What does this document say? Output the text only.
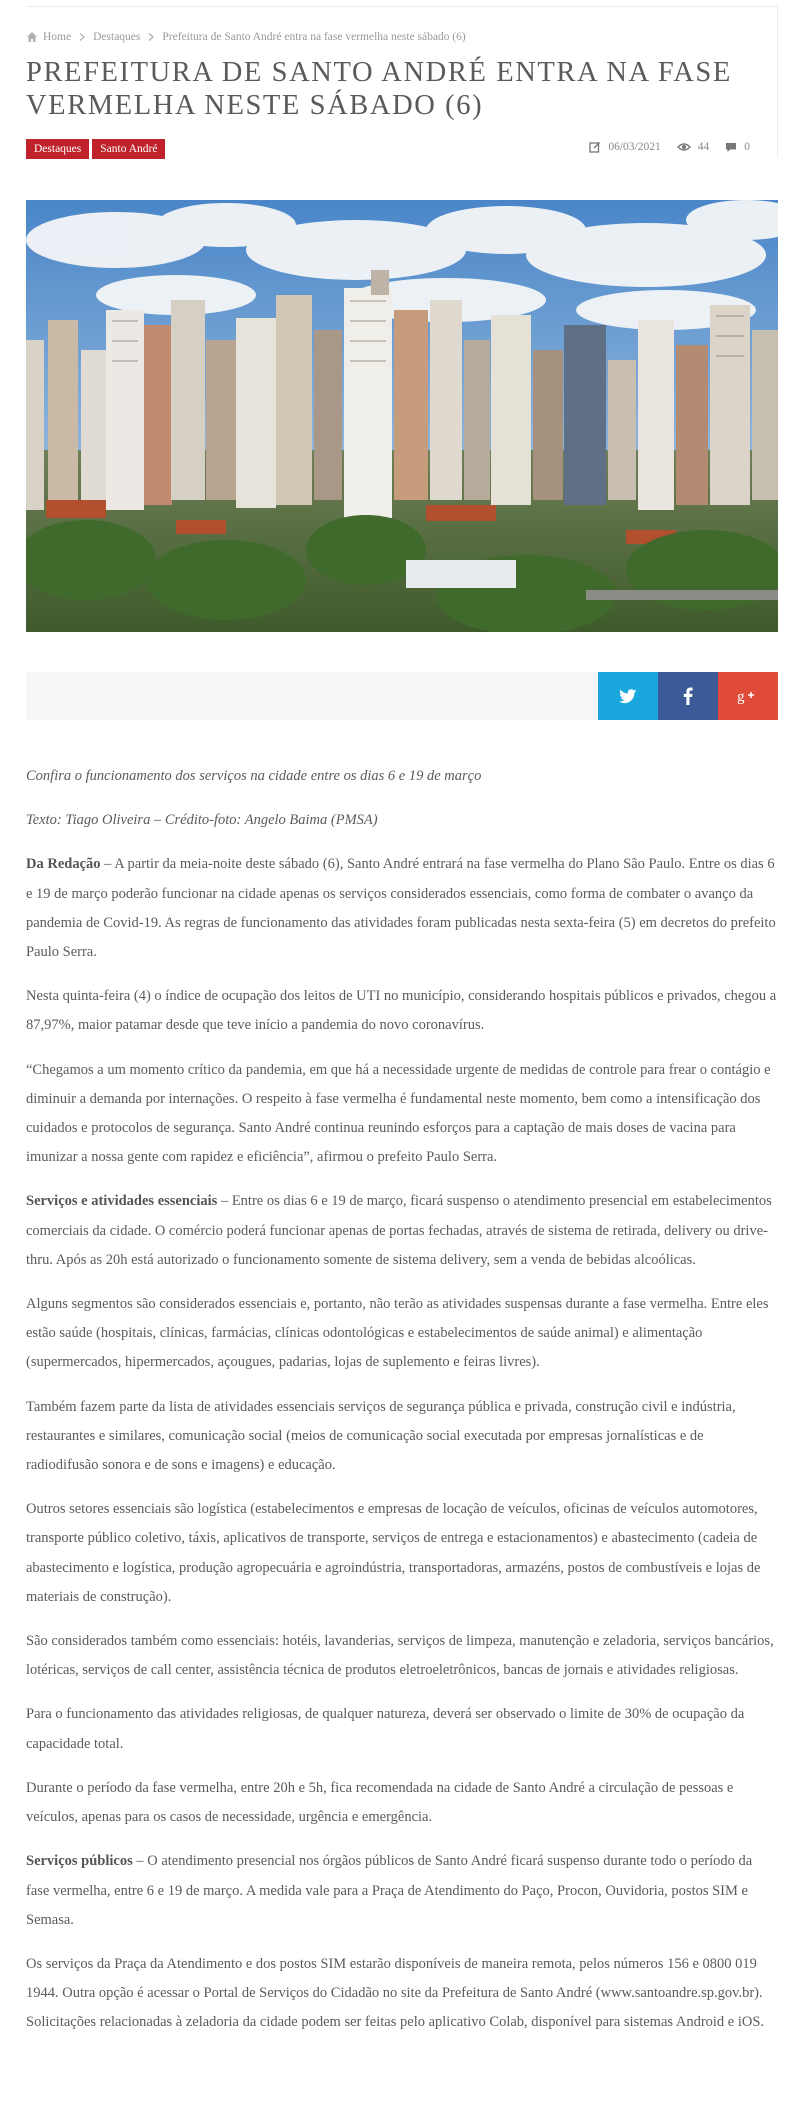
Home Destaques Prefeitura de Santo André entra na fase vermelha neste sábado (6)
PREFEITURA DE SANTO ANDRÉ ENTRA NA FASE VERMELHA NESTE SÁBADO (6)
Destaques	Santo André	06/03/2021	44	0
g

Confira o funcionamento dos serviços na cidade entre os dias 6 e 19 de março

Texto: Tiago Oliveira – Crédito-foto: Angelo Baima (PMSA)

Da Redação – A partir da meia-noite deste sábado (6), Santo André entrará na fase vermelha do Plano São Paulo. Entre os dias 6 e 19 de março poderão funcionar na cidade apenas os serviços considerados essenciais, como forma de combater o avanço da pandemia de Covid-19. As regras de funcionamento das atividades foram publicadas nesta sexta-feira (5) em decretos do prefeito Paulo Serra.

Nesta quinta-feira (4) o índice de ocupação dos leitos de UTI no município, considerando hospitais públicos e privados, chegou a 87,97%, maior patamar desde que teve início a pandemia do novo coronavírus.

“Chegamos a um momento crítico da pandemia, em que há a necessidade urgente de medidas de controle para frear o contágio e diminuir a demanda por internações. O respeito à fase vermelha é fundamental neste momento, bem como a intensificação dos cuidados e protocolos de segurança. Santo André continua reunindo esforços para a captação de mais doses de vacina para imunizar a nossa gente com rapidez e eficiência”, afirmou o prefeito Paulo Serra.

Serviços e atividades essenciais – Entre os dias 6 e 19 de março, ficará suspenso o atendimento presencial em estabelecimentos comerciais da cidade. O comércio poderá funcionar apenas de portas fechadas, através de sistema de retirada, delivery ou drive-thru. Após as 20h está autorizado o funcionamento somente de sistema delivery, sem a venda de bebidas alcoólicas.

Alguns segmentos são considerados essenciais e, portanto, não terão as atividades suspensas durante a fase vermelha. Entre eles estão saúde (hospitais, clínicas, farmácias, clínicas odontológicas e estabelecimentos de saúde animal) e alimentação (supermercados, hipermercados, açougues, padarias, lojas de suplemento e feiras livres).

Também fazem parte da lista de atividades essenciais serviços de segurança pública e privada, construção civil e indústria, restaurantes e similares, comunicação social (meios de comunicação social executada por empresas jornalísticas e de radiodifusão sonora e de sons e imagens) e educação.

Outros setores essenciais são logística (estabelecimentos e empresas de locação de veículos, oficinas de veículos automotores, transporte público coletivo, táxis, aplicativos de transporte, serviços de entrega e estacionamentos) e abastecimento (cadeia de abastecimento e logística, produção agropecuária e agroindústria, transportadoras, armazéns, postos de combustíveis e lojas de materiais de construção).

São considerados também como essenciais: hotéis, lavanderias, serviços de limpeza, manutenção e zeladoria, serviços bancários, lotéricas, serviços de call center, assistência técnica de produtos eletroeletrônicos, bancas de jornais e atividades religiosas.

Para o funcionamento das atividades religiosas, de qualquer natureza, deverá ser observado o limite de 30% de ocupação da capacidade total.

Durante o período da fase vermelha, entre 20h e 5h, fica recomendada na cidade de Santo André a circulação de pessoas e veículos, apenas para os casos de necessidade, urgência e emergência.

Serviços públicos – O atendimento presencial nos órgãos públicos de Santo André ficará suspenso durante todo o período da fase vermelha, entre 6 e 19 de março. A medida vale para a Praça de Atendimento do Paço, Procon, Ouvidoria, postos SIM e Semasa.

Os serviços da Praça da Atendimento e dos postos SIM estarão disponíveis de maneira remota, pelos números 156 e 0800 019 1944. Outra opção é acessar o Portal de Serviços do Cidadão no site da Prefeitura de Santo André (www.santoandre.sp.gov.br). Solicitações relacionadas à zeladoria da cidade podem ser feitas pelo aplicativo Colab, disponível para sistemas Android e iOS.
